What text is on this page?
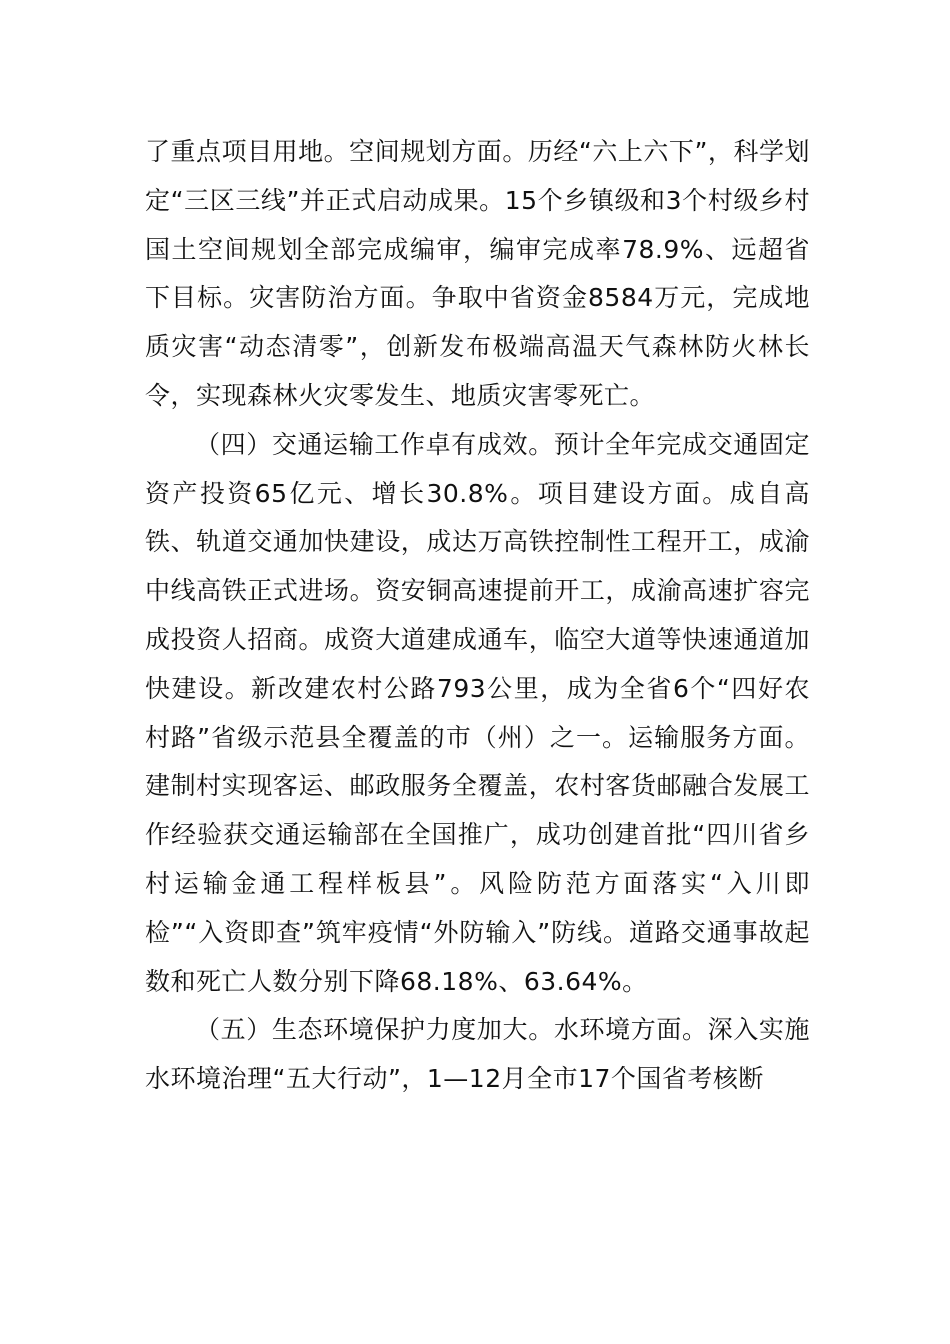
了重点项目用地。空间规划方面。历经“六上六下”，科学划定“三区三线”并正式启动成果。15个乡镇级和3个村级乡村国土空间规划全部完成编审，编审完成率78.9%、远超省下目标。灾害防治方面。争取中省资金8584万元，完成地质灾害“动态清零”，创新发布极端高温天气森林防火林长令，实现森林火灾零发生、地质灾害零死亡。

（四）交通运输工作卓有成效。预计全年完成交通固定资产投资65亿元、增长30.8%。项目建设方面。成自高铁、轨道交通加快建设，成达万高铁控制性工程开工，成渝中线高铁正式进场。资安铜高速提前开工，成渝高速扩容完成投资人招商。成资大道建成通车，临空大道等快速通道加快建设。新改建农村公路793公里，成为全省6个“四好农村路”省级示范县全覆盖的市（州）之一。运输服务方面。建制村实现客运、邮政服务全覆盖，农村客货邮融合发展工作经验获交通运输部在全国推广，成功创建首批“四川省乡村运输金通工程样板县”。风险防范方面落实“入川即检”“入资即查”筑牢疫情“外防输入”防线。道路交通事故起数和死亡人数分别下降68.18%、63.64%。

（五）生态环境保护力度加大。水环境方面。深入实施水环境治理“五大行动”，1—12月全市17个国省考核断
